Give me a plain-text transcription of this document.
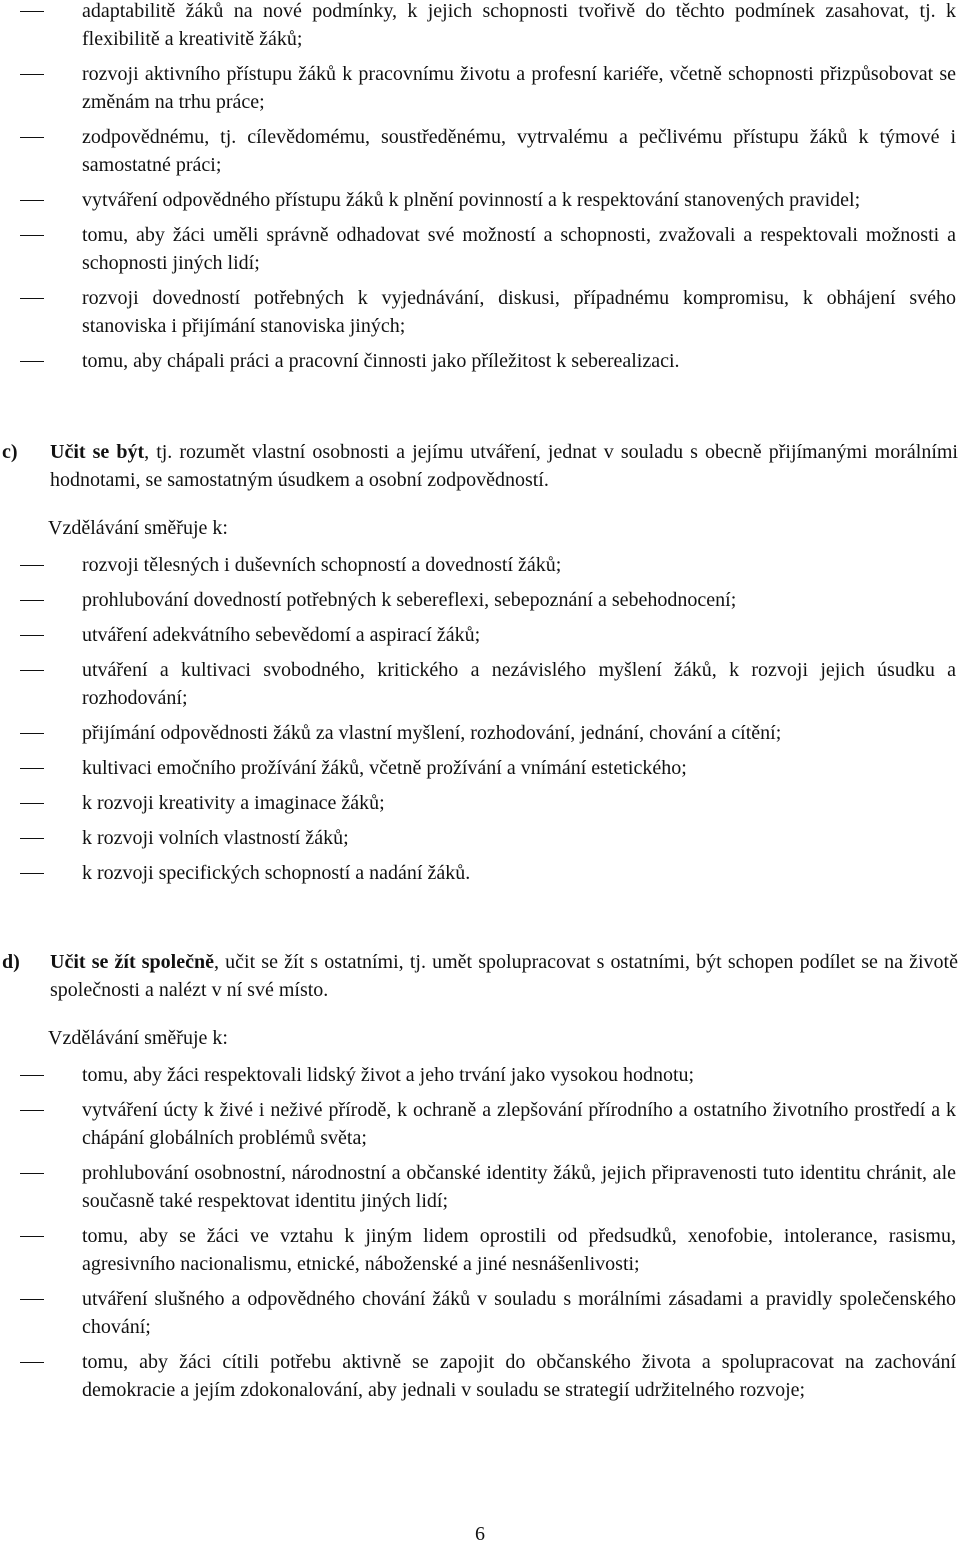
adaptabilitě žáků na nové podmínky, k jejich schopnosti tvořivě do těchto podmínek zasahovat, tj. k flexibilitě a kreativitě žáků;
rozvoji aktivního přístupu žáků k pracovnímu životu a profesní kariéře, včetně schopnosti přizpůsobovat se změnám na trhu práce;
zodpovědnému, tj. cílevědomému, soustředěnému, vytrvalému a pečlivému přístupu žáků k týmové i samostatné práci;
vytváření odpovědného přístupu žáků k plnění povinností a k respektování stanovených pravidel;
tomu, aby žáci uměli správně odhadovat své možností a schopnosti, zvažovali a respektovali možnosti a schopnosti jiných lidí;
rozvoji dovedností potřebných k vyjednávání, diskusi, případnému kompromisu, k obhájení svého stanoviska i přijímání stanoviska jiných;
tomu, aby chápali práci a pracovní činnosti jako příležitost k seberealizaci.
c)	Učit se být, tj. rozumět vlastní osobnosti a jejímu utváření, jednat v souladu s obecně přijímanými morálními hodnotami, se samostatným úsudkem a osobní zodpovědností.
Vzdělávání směřuje k:
rozvoji tělesných i duševních schopností a dovedností žáků;
prohlubování dovedností potřebných k sebereflexi, sebepoznání a sebehodnocení;
utváření adekvátního sebevědomí a aspirací žáků;
utváření a kultivaci svobodného, kritického a nezávislého myšlení žáků, k rozvoji jejich úsudku a rozhodování;
přijímání odpovědnosti žáků za vlastní myšlení, rozhodování, jednání, chování a cítění;
kultivaci emočního prožívání žáků, včetně prožívání a vnímání estetického;
k rozvoji kreativity a imaginace žáků;
k rozvoji volních vlastností žáků;
k rozvoji specifických schopností a nadání žáků.
d)	Učit se žít společně, učit se žít s ostatními, tj. umět spolupracovat s ostatními, být schopen podílet se na životě společnosti a nalézt v ní své místo.
Vzdělávání směřuje k:
tomu, aby žáci respektovali lidský život a jeho trvání jako vysokou hodnotu;
vytváření úcty k živé i neživé přírodě, k ochraně a zlepšování přírodního a ostatního životního prostředí a k chápání globálních problémů světa;
prohlubování osobnostní, národnostní a občanské identity žáků, jejich připravenosti tuto identitu chránit, ale současně také respektovat identitu jiných lidí;
tomu, aby se žáci ve vztahu k jiným lidem oprostili od předsudků, xenofobie, intolerance, rasismu, agresivního nacionalismu, etnické, náboženské a jiné nesnášenlivosti;
utváření slušného a odpovědného chování žáků v souladu s morálními zásadami a pravidly společenského chování;
tomu, aby žáci cítili potřebu aktivně se zapojit do občanského života a spolupracovat na zachování demokracie a jejím zdokonalování, aby jednali v souladu se strategií udržitelného rozvoje;
6
